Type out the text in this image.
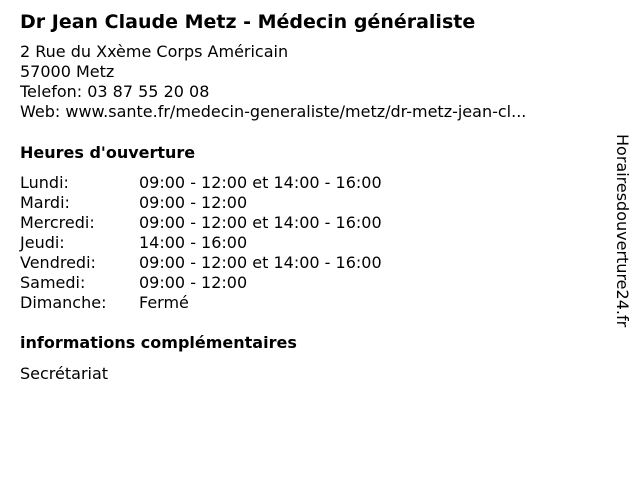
Dr Jean Claude Metz - Médecin généraliste
2 Rue du Xxème Corps Américain
57000 Metz
Telefon: 03 87 55 20 08
Web: www.sante.fr/medecin-generaliste/metz/dr-metz-jean-cl...
Heures d'ouverture
Lundi:	09:00 - 12:00 et 14:00 - 16:00
Mardi:	09:00 - 12:00
Mercredi:	09:00 - 12:00 et 14:00 - 16:00
Jeudi:	14:00 - 16:00
Vendredi:	09:00 - 12:00 et 14:00 - 16:00
Samedi:	09:00 - 12:00
Dimanche: Fermé
informations complémentaires
Secrétariat
Horairesdouverture24.fr
